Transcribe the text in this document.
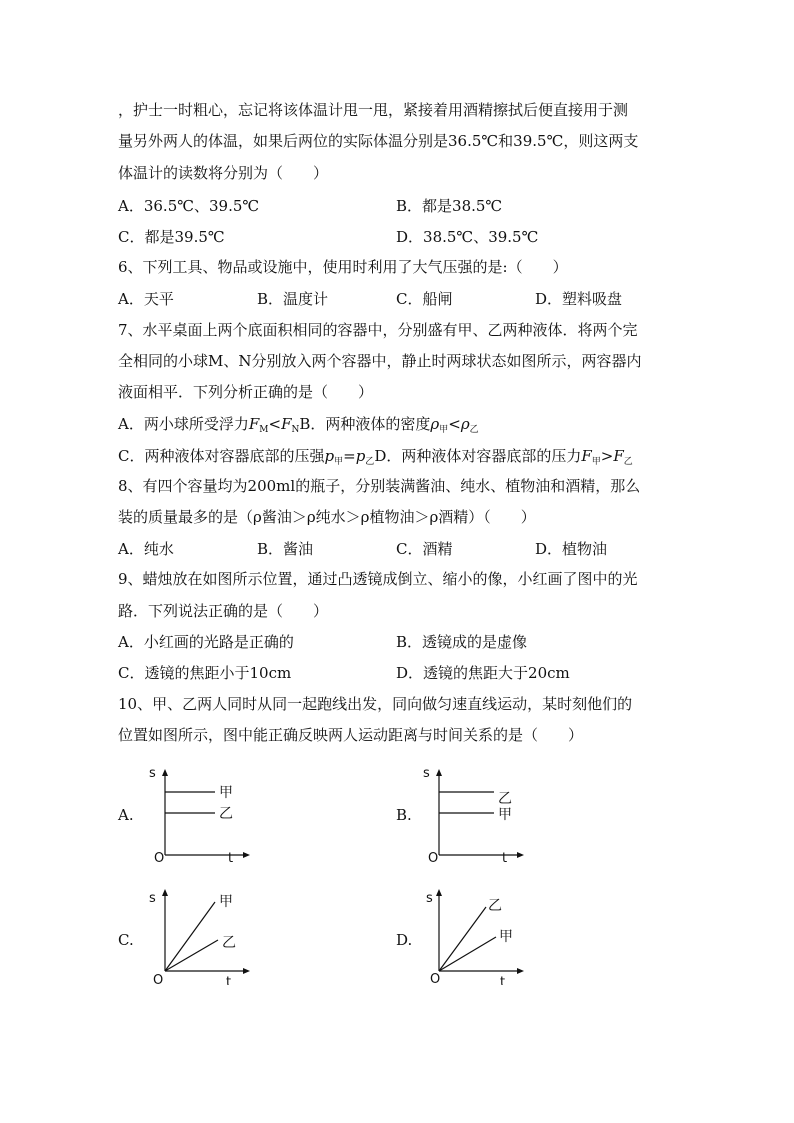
，护士一时粗心，忘记将该体温计甩一甩，紧接着用酒精擦拭后便直接用于测
量另外两人的体温，如果后两位的实际体温分别是36.5℃和39.5℃，则这两支
体温计的读数将分别为（　　）
A．36.5℃、39.5℃	B．都是38.5℃
C．都是39.5℃	D．38.5℃、39.5℃
6、下列工具、物品或设施中，使用时利用了大气压强的是:（　　）
A．天平	B．温度计	C．船闸	D．塑料吸盘
7、水平桌面上两个底面积相同的容器中，分别盛有甲、乙两种液体．将两个完
全相同的小球M、N分别放入两个容器中，静止时两球状态如图所示，两容器内
液面相平．下列分析正确的是（　　）
A．两小球所受浮力$F_M<F_NB$．两种液体的密度$\rho_甲<\rho_乙$
C．两种液体对容器底部的压强$p_甲=p_乙D$．两种液体对容器底部的压力$F_甲>F_乙$
8、有四个容量均为200ml的瓶子，分别装满酱油、纯水、植物油和酒精，那么
装的质量最多的是（ρ酱油＞ρ纯水＞ρ植物油＞ρ酒精）（　　）
A．纯水	B．酱油	C．酒精	D．植物油
9、蜡烛放在如图所示位置，通过凸透镜成倒立、缩小的像，小红画了图中的光
路．下列说法正确的是（　　）
A．小红画的光路是正确的	B．透镜成的是虚像
C．透镜的焦距小于10cm	D．透镜的焦距大于20cm
10、甲、乙两人同时从同一起跑线出发，同向做匀速直线运动，某时刻他们的
位置如图所示，图中能正确反映两人运动距离与时间关系的是（　　）
A.
s
t
O
甲
乙	B.
s
t
O
乙
甲
C.
s
t
O
甲
乙	D.
s
t
O
乙
甲
